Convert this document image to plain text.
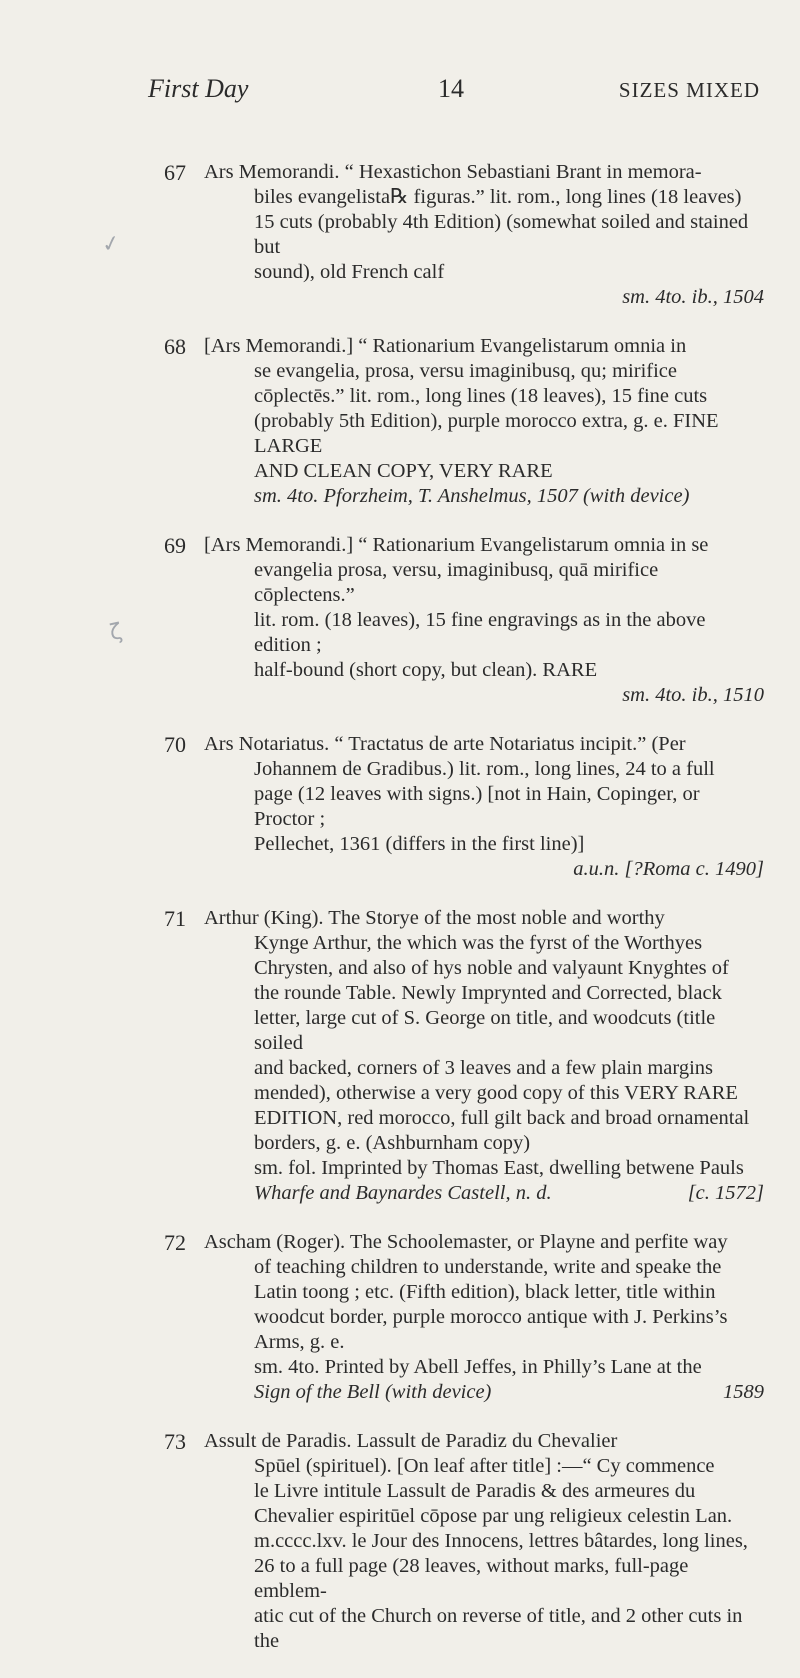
First Day	14	SIZES MIXED
✓
ζ
67 Ars Memorandi. “ Hexastichon Sebastiani Brant in memora-

biles evangelista℞ figuras.” lit. rom., long lines (18 leaves)

15 cuts (probably 4th Edition) (somewhat soiled and stained but

sound), old French calf

sm. 4to. ib., 1504
68 [Ars Memorandi.] “ Rationarium Evangelistarum omnia in

se evangelia, prosa, versu imaginibusq, qu; mirifice

cōplectēs.” lit. rom., long lines (18 leaves), 15 fine cuts

(probably 5th Edition), purple morocco extra, g. e. FINE LARGE

AND CLEAN COPY, VERY RARE

sm. 4to. Pforzheim, T. Anshelmus, 1507 (with device)
69 [Ars Memorandi.] “ Rationarium Evangelistarum omnia in se

evangelia prosa, versu, imaginibusq, quā mirifice cōplectens.”

lit. rom. (18 leaves), 15 fine engravings as in the above edition ;

half-bound (short copy, but clean). RARE

sm. 4to. ib., 1510
70 Ars Notariatus. “ Tractatus de arte Notariatus incipit.” (Per

Johannem de Gradibus.) lit. rom., long lines, 24 to a full

page (12 leaves with signs.) [not in Hain, Copinger, or Proctor ;

Pellechet, 1361 (differs in the first line)]

a.u.n. [?Roma c. 1490]
71 Arthur (King). The Storye of the most noble and worthy

Kynge Arthur, the which was the fyrst of the Worthyes

Chrysten, and also of hys noble and valyaunt Knyghtes of

the rounde Table. Newly Imprynted and Corrected, black

letter, large cut of S. George on title, and woodcuts (title soiled

and backed, corners of 3 leaves and a few plain margins

mended), otherwise a very good copy of this VERY RARE

EDITION, red morocco, full gilt back and broad ornamental

borders, g. e. (Ashburnham copy)

sm. fol. Imprinted by Thomas East, dwelling betwene Pauls

Wharfe and Baynardes Castell, n. d.	[c. 1572]
72 Ascham (Roger). The Schoolemaster, or Playne and perfite way

of teaching children to understande, write and speake the

Latin toong ; etc. (Fifth edition), black letter, title within

woodcut border, purple morocco antique with J. Perkins’s

Arms, g. e.

sm. 4to. Printed by Abell Jeffes, in Philly’s Lane at the

Sign of the Bell (with device)	1589
73 Assult de Paradis. Lassult de Paradiz du Chevalier

Spūel (spirituel). [On leaf after title] :—“ Cy commence

le Livre intitule Lassult de Paradis & des armeures du

Chevalier espiritūel cōpose par ung religieux celestin Lan.

m.cccc.lxv. le Jour des Innocens, lettres bâtardes, long lines,

26 to a full page (28 leaves, without marks, full-page emblem-

atic cut of the Church on reverse of title, and 2 other cuts in the
